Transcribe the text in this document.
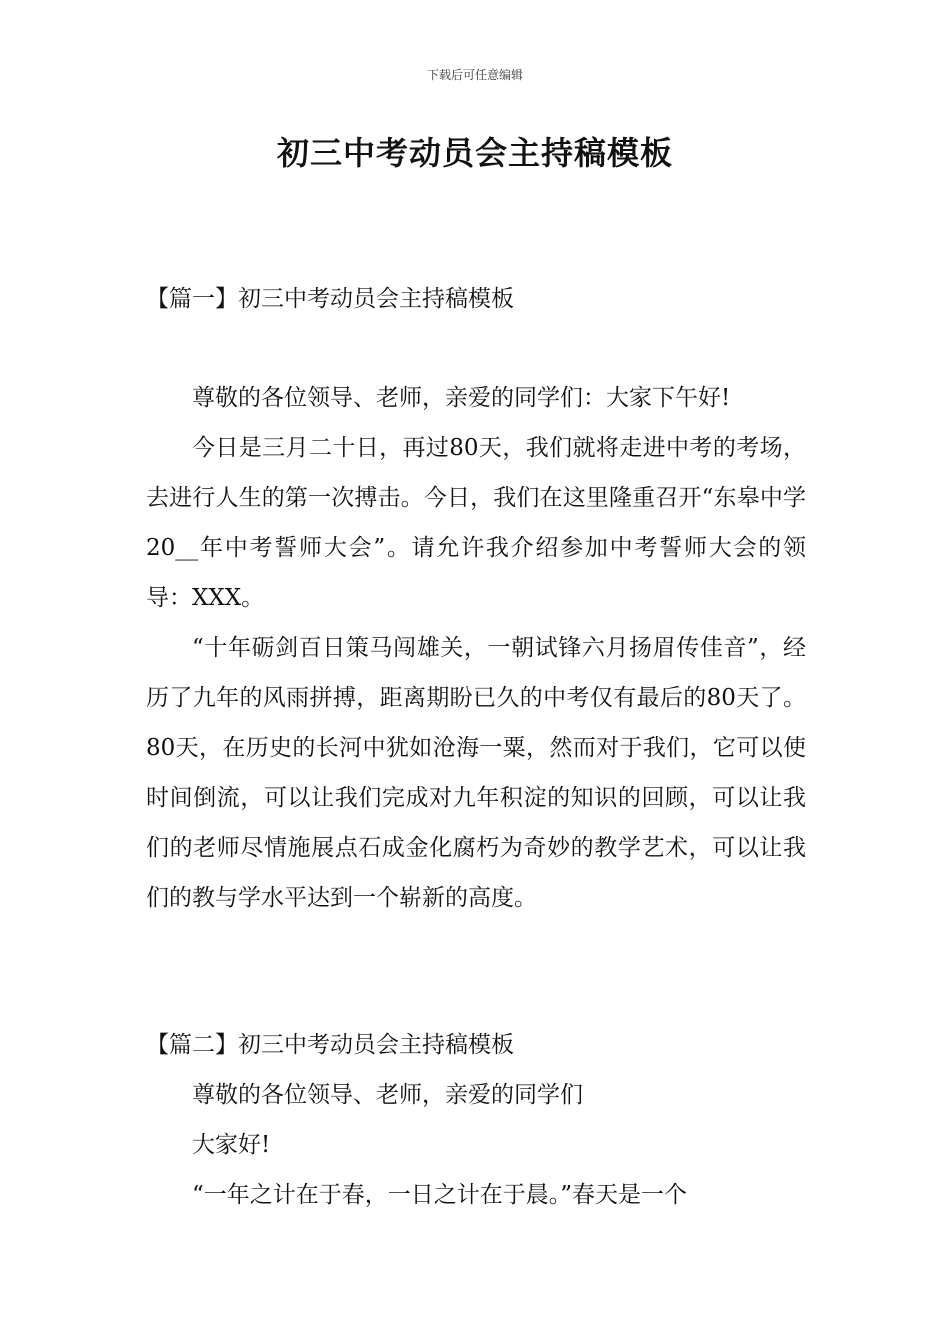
下载后可任意编辑
初三中考动员会主持稿模板
【篇一】初三中考动员会主持稿模板

尊敬的各位领导、老师，亲爱的同学们：大家下午好!

今日是三月二十日，再过80天，我们就将走进中考的考场，去进行人生的第一次搏击。今日，我们在这里隆重召开“东皋中学20__年中考誓师大会”。请允许我介绍参加中考誓师大会的领导：XXX。

“十年砺剑百日策马闯雄关，一朝试锋六月扬眉传佳音”，经历了九年的风雨拼搏，距离期盼已久的中考仅有最后的80天了。80天，在历史的长河中犹如沧海一粟，然而对于我们，它可以使时间倒流，可以让我们完成对九年积淀的知识的回顾，可以让我们的老师尽情施展点石成金化腐朽为奇妙的教学艺术，可以让我们的教与学水平达到一个崭新的高度。

【篇二】初三中考动员会主持稿模板
尊敬的各位领导、老师，亲爱的同学们
大家好!
“一年之计在于春，一日之计在于晨。”春天是一个
